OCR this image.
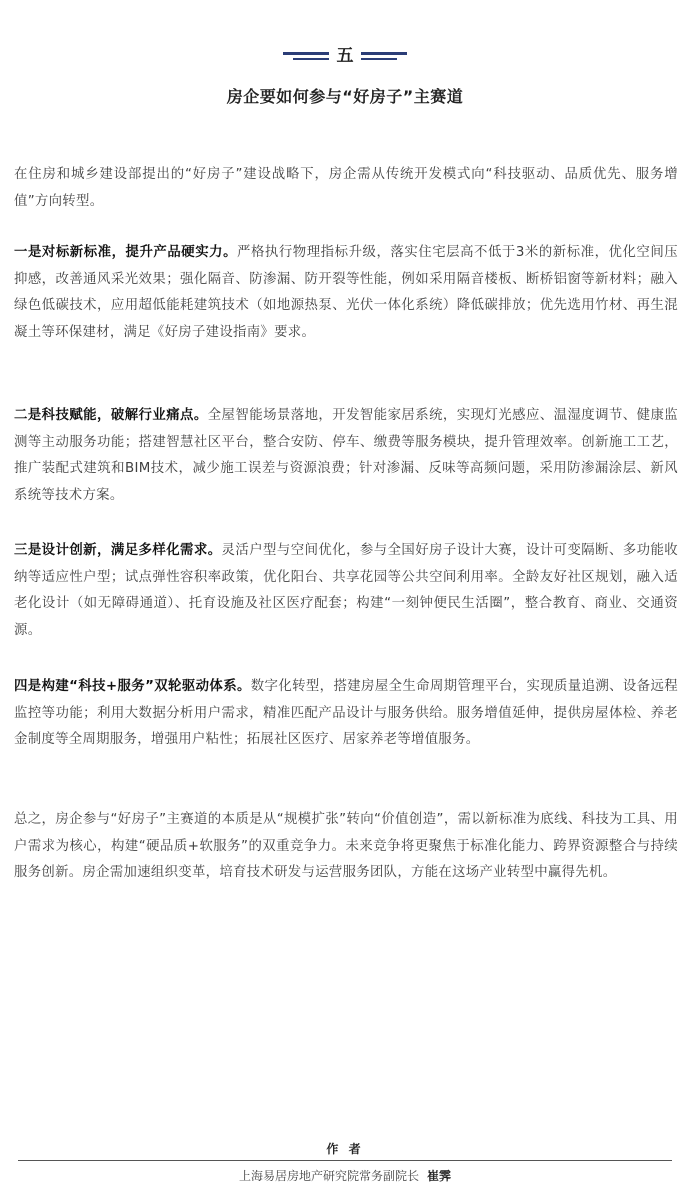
五
房企要如何参与“好房子”主赛道

在住房和城乡建设部提出的“好房子”建设战略下，房企需从传统开发模式向“科技驱动、品质优先、服务增值”方向转型。

一是对标新标准，提升产品硬实力。严格执行物理指标升级，落实住宅层高不低于3米的新标准，优化空间压抑感，改善通风采光效果；强化隔音、防渗漏、防开裂等性能，例如采用隔音楼板、断桥铝窗等新材料；融入绿色低碳技术，应用超低能耗建筑技术（如地源热泵、光伏一体化系统）降低碳排放；优先选用竹材、再生混凝土等环保建材，满足《好房子建设指南》要求。

二是科技赋能，破解行业痛点。全屋智能场景落地，开发智能家居系统，实现灯光感应、温湿度调节、健康监测等主动服务功能；搭建智慧社区平台，整合安防、停车、缴费等服务模块，提升管理效率。创新施工工艺，推广装配式建筑和BIM技术，减少施工误差与资源浪费；针对渗漏、反味等高频问题，采用防渗漏涂层、新风系统等技术方案。

三是设计创新，满足多样化需求。灵活户型与空间优化，参与全国好房子设计大赛，设计可变隔断、多功能收纳等适应性户型；试点弹性容积率政策，优化阳台、共享花园等公共空间利用率。全龄友好社区规划，融入适老化设计（如无障碍通道）、托育设施及社区医疗配套；构建“一刻钟便民生活圈”，整合教育、商业、交通资源。

四是构建“科技+服务”双轮驱动体系。数字化转型，搭建房屋全生命周期管理平台，实现质量追溯、设备远程监控等功能；利用大数据分析用户需求，精准匹配产品设计与服务供给。服务增值延伸，提供房屋体检、养老金制度等全周期服务，增强用户粘性；拓展社区医疗、居家养老等增值服务。

总之，房企参与“好房子”主赛道的本质是从“规模扩张”转向“价值创造”，需以新标准为底线、科技为工具、用户需求为核心，构建“硬品质+软服务”的双重竞争力。未来竞争将更聚焦于标准化能力、跨界资源整合与持续服务创新。房企需加速组织变革，培育技术研发与运营服务团队，方能在这场产业转型中赢得先机。

作 者
上海易居房地产研究院常务副院长 崔霁
